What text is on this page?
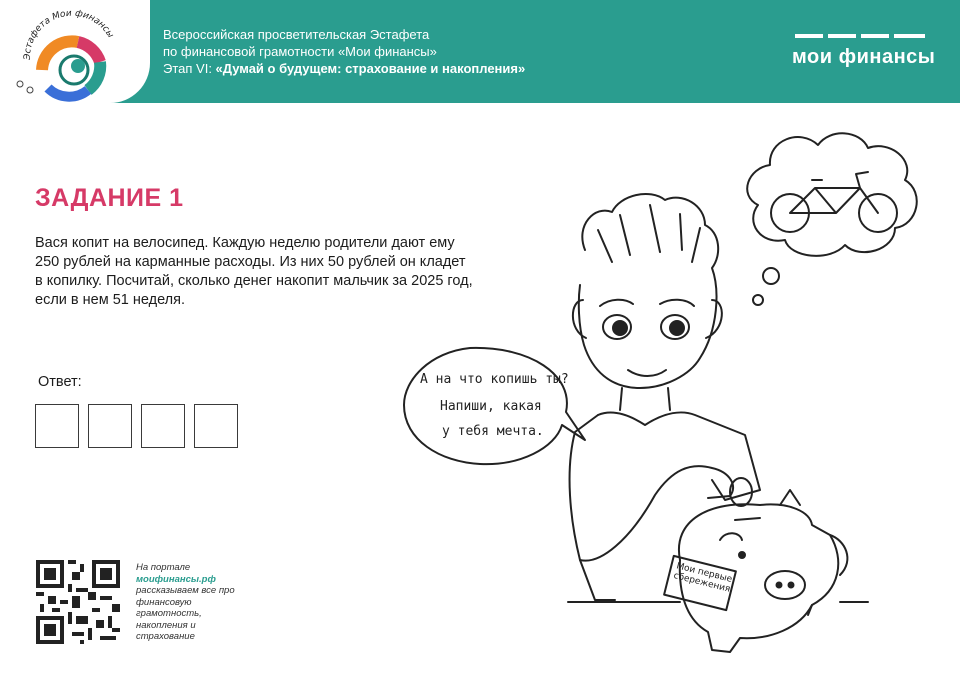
Эстафета Мои финансы	Всероссийская просветительская Эстафета
по финансовой грамотности «Мои финансы»
Этап VI: «Думай о будущем: страхование и накопления»
мои финансы
ЗАДАНИЕ 1
Вася копит на велосипед. Каждую неделю родители дают ему 250 рублей на карманные расходы. Из них 50 рублей он кладет в копилку. Посчитай, сколько денег накопит мальчик за 2025 год, если в нем 51 неделя.
Ответ:
На портале
моифинансы.рф
рассказываем все про финансовую грамотность, накопления и страхование
А на что копишь ты?
Напиши, какая
у тебя мечта.
Мои первые сбережения
